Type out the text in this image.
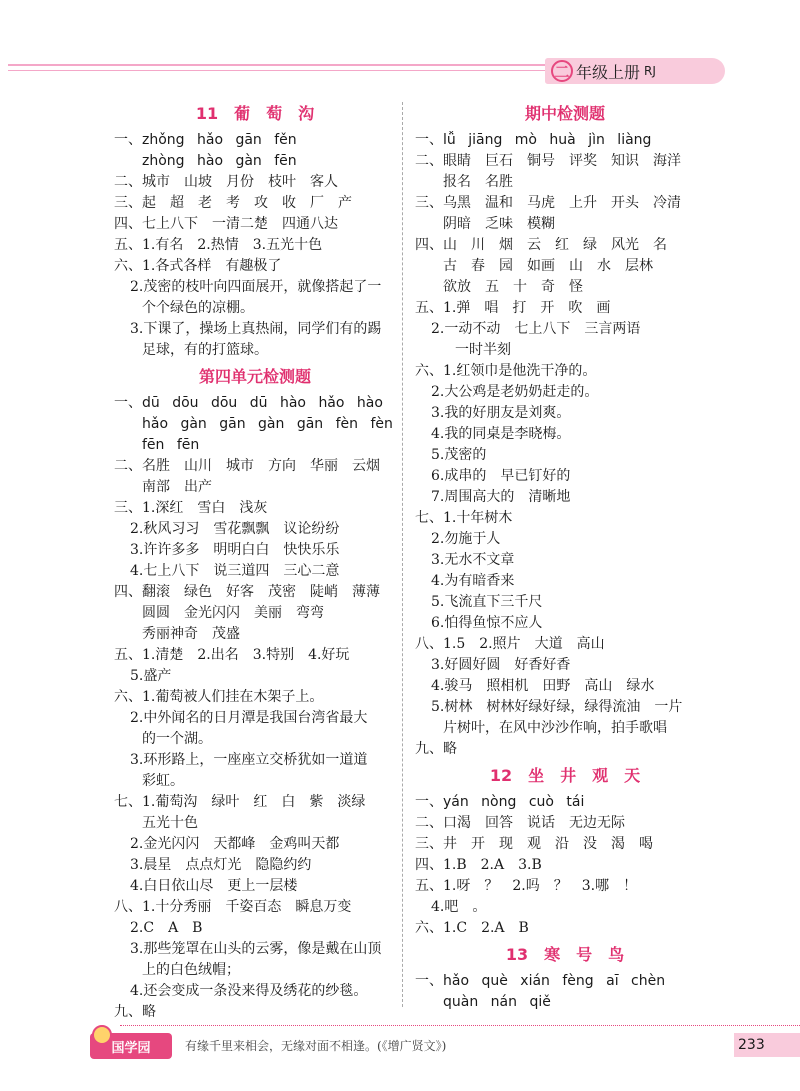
二 年级上册 RJ
11　葡　萄　沟
一、zhǒng hǎo gān fěn
zhòng hào gàn fēn
二、城市　山坡　月份　枝叶　客人
三、起　超　老　考　攻　收　厂　产
四、七上八下　一清二楚　四通八达
五、1.有名　2.热情　3.五光十色
六、1.各式各样　有趣极了
2.茂密的枝叶向四面展开，就像搭起了一
个个绿色的凉棚。
3.下课了，操场上真热闹，同学们有的踢
足球，有的打篮球。
第四单元检测题
一、dū dōu dōu dū hào hǎo hào
hǎo gàn gān gàn gān fèn fèn
fēn fēn
二、名胜　山川　城市　方向　华丽　云烟
南部　出产
三、1.深红　雪白　浅灰
2.秋风习习　雪花飘飘　议论纷纷
3.许许多多　明明白白　快快乐乐
4.七上八下　说三道四　三心二意
四、翻滚　绿色　好客　茂密　陡峭　薄薄
圆圆　金光闪闪　美丽　弯弯
秀丽神奇　茂盛
五、1.清楚　2.出名　3.特别　4.好玩
5.盛产
六、1.葡萄被人们挂在木架子上。
2.中外闻名的日月潭是我国台湾省最大
的一个湖。
3.环形路上，一座座立交桥犹如一道道
彩虹。
七、1.葡萄沟　绿叶　红　白　紫　淡绿
五光十色
2.金光闪闪　天都峰　金鸡叫天都
3.晨星　点点灯光　隐隐约约
4.白日依山尽　更上一层楼
八、1.十分秀丽　千姿百态　瞬息万变
2.C　A　B
3.那些笼罩在山头的云雾，像是戴在山顶
上的白色绒帽；
4.还会变成一条没来得及绣花的纱毯。
九、略
期中检测题
一、lǚ jiāng mò huà jìn liàng
二、眼睛　巨石　铜号　评奖　知识　海洋
报名　名胜
三、乌黑　温和　马虎　上升　开头　冷清
阴暗　乏味　模糊
四、山　川　烟　云　红　绿　风光　名
古　春　园　如画　山　水　层林
欲放　五　十　奇　怪
五、1.弹　唱　打　开　吹　画
2.一动不动　七上八下　三言两语
一时半刻
六、1.红领巾是他洗干净的。
2.大公鸡是老奶奶赶走的。
3.我的好朋友是刘爽。
4.我的同桌是李晓梅。
5.茂密的
6.成串的　早已钉好的
7.周围高大的　清晰地
七、1.十年树木
2.勿施于人
3.无水不文章
4.为有暗香来
5.飞流直下三千尺
6.怕得鱼惊不应人
八、1.5　2.照片　大道　高山
3.好圆好圆　好香好香
4.骏马　照相机　田野　高山　绿水
5.树林　树林好绿好绿，绿得流油　一片
片树叶，在风中沙沙作响，拍手歌唱
九、略
12　坐　井　观　天
一、yán nòng cuò tái
二、口渴　回答　说话　无边无际
三、井　开　现　观　沿　没　渴　喝
四、1.B　2.A　3.B
五、1.呀　？　2.吗　？　3.哪　！
4.吧　。
六、1.C　2.A　B
13　寒　号　鸟
一、hǎo què xián fèng aī chèn
quàn nán qiě
国学园	有缘千里来相会，无缘对面不相逢。(《增广贤文》)	233
